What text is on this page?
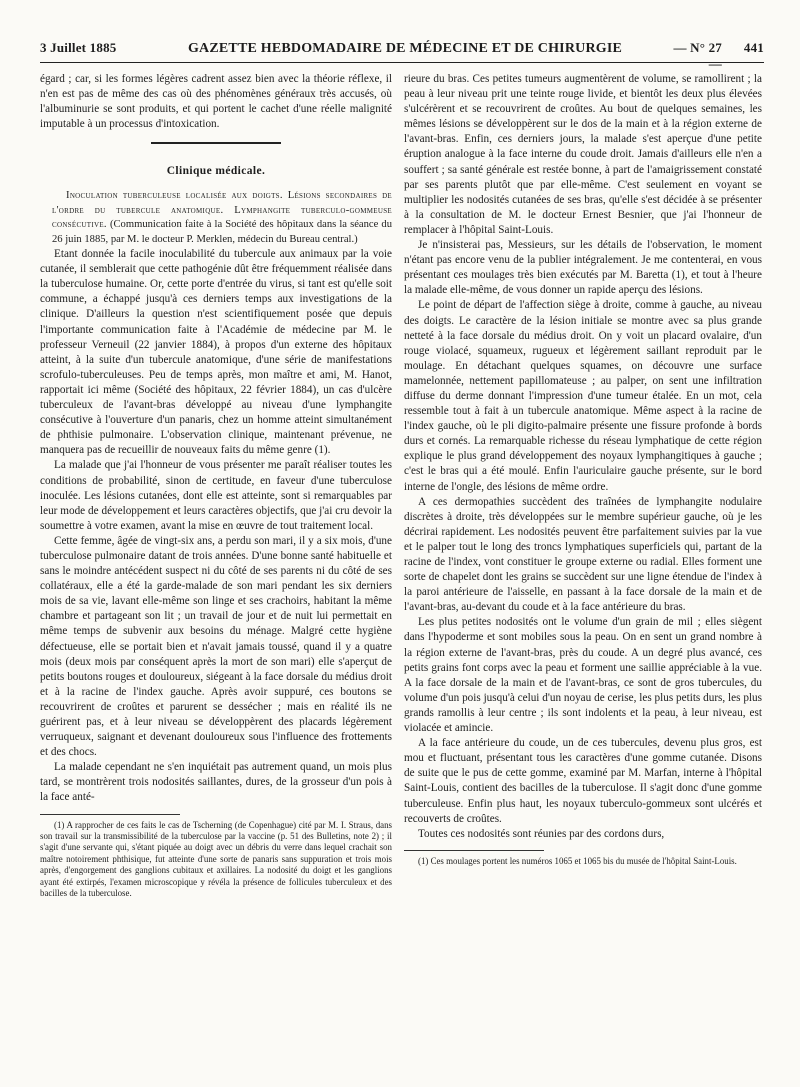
3 Juillet 1885	GAZETTE HEBDOMADAIRE DE MÉDECINE ET DE CHIRURGIE	— N° 27 —
441

égard ; car, si les formes légères cadrent assez bien avec la théorie réflexe, il n'en est pas de même des cas où des phénomènes généraux très accusés, où l'albuminurie se sont produits, et qui portent le cachet d'une réelle malignité imputable à un processus d'intoxication.

Clinique médicale.

Inoculation tuberculeuse localisée aux doigts. Lésions secondaires de l'ordre du tubercule anatomique. Lymphangite tuberculo-gommeuse consécutive. (Communication faite à la Société des hôpitaux dans la séance du 26 juin 1885, par M. le docteur P. Merklen, médecin du Bureau central.)

Etant donnée la facile inoculabilité du tubercule aux animaux par la voie cutanée, il semblerait que cette pathogénie dût être fréquemment réalisée dans la tuberculose humaine. Or, cette porte d'entrée du virus, si tant est qu'elle soit commune, a échappé jusqu'à ces derniers temps aux investigations de la clinique. D'ailleurs la question n'est scientifiquement posée que depuis l'importante communication faite à l'Académie de médecine par M. le professeur Verneuil (22 janvier 1884), à propos d'un externe des hôpitaux atteint, à la suite d'un tubercule anatomique, d'une série de manifestations scrofulo-tuberculeuses. Peu de temps après, mon maître et ami, M. Hanot, rapportait ici même (Société des hôpitaux, 22 février 1884), un cas d'ulcère tuberculeux de l'avant-bras développé au niveau d'une lymphangite consécutive à l'ouverture d'un panaris, chez un homme atteint simultanément de phthisie pulmonaire. L'observation clinique, maintenant prévenue, ne manquera pas de recueillir de nouveaux faits du même genre (1).

La malade que j'ai l'honneur de vous présenter me paraît réaliser toutes les conditions de probabilité, sinon de certitude, en faveur d'une tuberculose inoculée. Les lésions cutanées, dont elle est atteinte, sont si remarquables par leur mode de développement et leurs caractères objectifs, que j'ai cru devoir la soumettre à votre examen, avant la mise en œuvre de tout traitement local.

Cette femme, âgée de vingt-six ans, a perdu son mari, il y a six mois, d'une tuberculose pulmonaire datant de trois années. D'une bonne santé habituelle et sans le moindre antécédent suspect ni du côté de ses parents ni du côté de ses collatéraux, elle a été la garde-malade de son mari pendant les six derniers mois de sa vie, lavant elle-même son linge et ses crachoirs, habitant la même chambre et partageant son lit ; un travail de jour et de nuit lui permettait en même temps de subvenir aux besoins du ménage. Malgré cette hygiène défectueuse, elle se portait bien et n'avait jamais toussé, quand il y a quatre mois (deux mois par conséquent après la mort de son mari) elle s'aperçut de petits boutons rouges et douloureux, siégeant à la face dorsale du médius droit et à la racine de l'index gauche. Après avoir suppuré, ces boutons se recouvrirent de croûtes et parurent se dessécher ; mais en réalité ils ne guérirent pas, et à leur niveau se développèrent des placards légèrement verruqueux, saignant et devenant douloureux sous l'influence des frottements et des chocs.

La malade cependant ne s'en inquiétait pas autrement quand, un mois plus tard, se montrèrent trois nodosités saillantes, dures, de la grosseur d'un pois à la face anté-

(1) A rapprocher de ces faits le cas de Tscherning (de Copenhague) cité par M. I. Straus, dans son travail sur la transmissibilité de la tuberculose par la vaccine (p. 51 des Bulletins, note 2) ; il s'agit d'une servante qui, s'étant piquée au doigt avec un débris du verre dans lequel crachait son maître notoirement phthisique, fut atteinte d'une sorte de panaris sans suppuration et trois mois après, d'engorgement des ganglions cubitaux et axillaires. La nodosité du doigt et les ganglions ayant été extirpés, l'examen microscopique y révéla la présence de follicules tuberculeux et des bacilles de la tuberculose.

rieure du bras. Ces petites tumeurs augmentèrent de volume, se ramollirent ; la peau à leur niveau prit une teinte rouge livide, et bientôt les deux plus élevées s'ulcérèrent et se recouvrirent de croûtes. Au bout de quelques semaines, les mêmes lésions se développèrent sur le dos de la main et à la région externe de l'avant-bras. Enfin, ces derniers jours, la malade s'est aperçue d'une petite éruption analogue à la face interne du coude droit. Jamais d'ailleurs elle n'en a souffert ; sa santé générale est restée bonne, à part de l'amaigrissement constaté par ses parents plutôt que par elle-même. C'est seulement en voyant se multiplier les nodosités cutanées de ses bras, qu'elle s'est décidée à se présenter à la consultation de M. le docteur Ernest Besnier, que j'ai l'honneur de remplacer à l'hôpital Saint-Louis.

Je n'insisterai pas, Messieurs, sur les détails de l'observation, le moment n'étant pas encore venu de la publier intégralement. Je me contenterai, en vous présentant ces moulages très bien exécutés par M. Baretta (1), et tout à l'heure la malade elle-même, de vous donner un rapide aperçu des lésions.

Le point de départ de l'affection siège à droite, comme à gauche, au niveau des doigts. Le caractère de la lésion initiale se montre avec sa plus grande netteté à la face dorsale du médius droit. On y voit un placard ovalaire, d'un rouge violacé, squameux, rugueux et légèrement saillant reproduit par le moulage. En détachant quelques squames, on découvre une surface mamelonnée, nettement papillomateuse ; au palper, on sent une infiltration diffuse du derme donnant l'impression d'une tumeur étalée. En un mot, cela ressemble tout à fait à un tubercule anatomique. Même aspect à la racine de l'index gauche, où le pli digito-palmaire présente une fissure profonde à bords durs et cornés. La remarquable richesse du réseau lymphatique de cette région explique le plus grand développement des noyaux lymphangitiques à gauche ; c'est le bras qui a été moulé. Enfin l'auriculaire gauche présente, sur le bord interne de l'ongle, des lésions de même ordre.

A ces dermopathies succèdent des traînées de lymphangite nodulaire discrètes à droite, très développées sur le membre supérieur gauche, où je les décrirai rapidement. Les nodosités peuvent être parfaitement suivies par la vue et le palper tout le long des troncs lymphatiques superficiels qui, partant de la racine de l'index, vont constituer le groupe externe ou radial. Elles forment une sorte de chapelet dont les grains se succèdent sur une ligne étendue de l'index à la paroi antérieure de l'aisselle, en passant à la face dorsale de la main et de l'avant-bras, au-devant du coude et à la face antérieure du bras.

Les plus petites nodosités ont le volume d'un grain de mil ; elles siègent dans l'hypoderme et sont mobiles sous la peau. On en sent un grand nombre à la région externe de l'avant-bras, près du coude. A un degré plus avancé, ces petits grains font corps avec la peau et forment une saillie appréciable à la vue. A la face dorsale de la main et de l'avant-bras, ce sont de gros tubercules, du volume d'un pois jusqu'à celui d'un noyau de cerise, les plus petits durs, les plus grands ramollis à leur centre ; ils sont indolents et la peau, à leur niveau, est violacée et amincie.

A la face antérieure du coude, un de ces tubercules, devenu plus gros, est mou et fluctuant, présentant tous les caractères d'une gomme cutanée. Disons de suite que le pus de cette gomme, examiné par M. Marfan, interne à l'hôpital Saint-Louis, contient des bacilles de la tuberculose. Il s'agit donc d'une gomme tuberculeuse. Enfin plus haut, les noyaux tuberculo-gommeux sont ulcérés et recouverts de croûtes.

Toutes ces nodosités sont réunies par des cordons durs,

(1) Ces moulages portent les numéros 1065 et 1065 bis du musée de l'hôpital Saint-Louis.
